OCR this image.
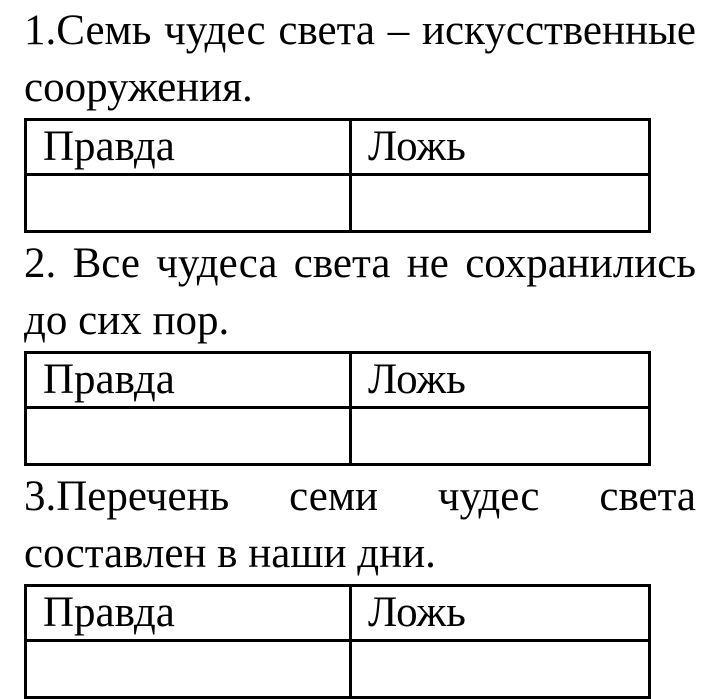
1.Семь чудес света – искусственные сооружения.

Правда	Ложь

2. Все чудеса света не сохранились до сих пор.

Правда	Ложь

3.Перечень семи чудес света составлен в наши дни.

Правда	Ложь
